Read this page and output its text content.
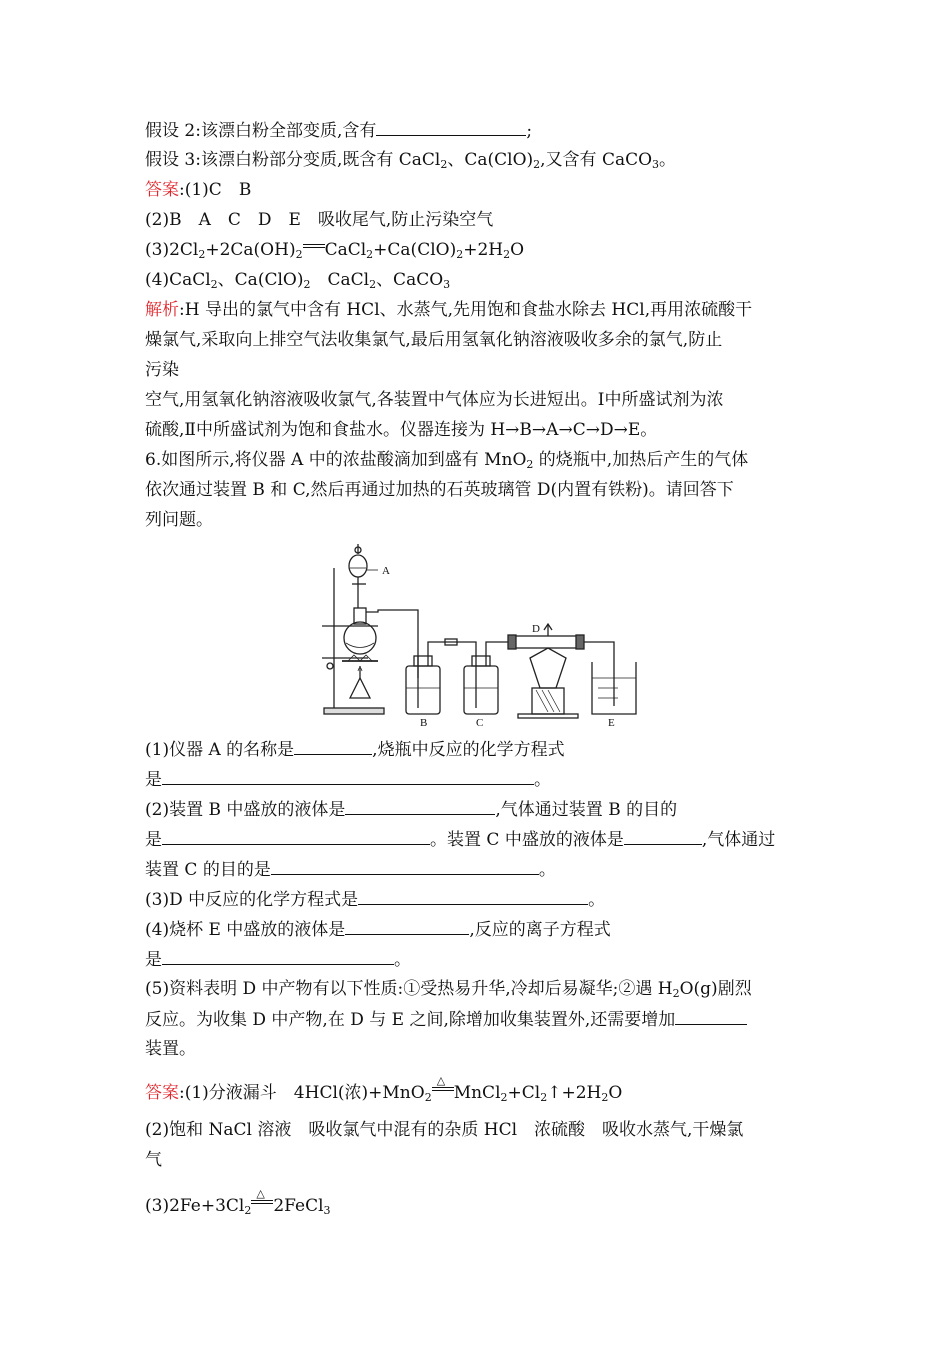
假设 2:该漂白粉全部变质,含有	;
假设 3:该漂白粉部分变质,既含有 CaCl$_2$、$Ca(ClO)_2$,又含有 CaCO$_3$。
答案:(1)C　B
(2)B　A　C　D　E　吸收尾气,防止污染空气
$(3)2Cl_2+2Ca(OH)_2$ $CaCl_2+Ca(ClO)_2+2H_2O$
(4)CaCl$_2$、$Ca(ClO)_2$　CaCl$_2$、CaCO$_3$
解析:H 导出的氯气中含有 HCl、水蒸气,先用饱和食盐水除去 HCl,再用浓硫酸干
燥氯气,采取向上排空气法收集氯气,最后用氢氧化钠溶液吸收多余的氯气,防止
污染
空气,用氢氧化钠溶液吸收氯气,各装置中气体应为长进短出。Ⅰ中所盛试剂为浓
硫酸,Ⅱ中所盛试剂为饱和食盐水。仪器连接为 H→B→A→C→D→E。
6.如图所示,将仪器 A 中的浓盐酸滴加到盛有 MnO$_2$ 的烧瓶中,加热后产生的气体
依次通过装置 B 和 C,然后再通过加热的石英玻璃管 D(内置有铁粉)。请回答下
列问题。
A
B	C
D
E
(1)仪器 A 的名称是	,烧瓶中反应的化学方程式
是	。
(2)装置 B 中盛放的液体是	,气体通过装置 B 的目的
是	。装置 C 中盛放的液体是	,气体通过
装置 C 的目的是	。
(3)D 中反应的化学方程式是	。
(4)烧杯 E 中盛放的液体是	,反应的离子方程式
是	。
(5)资料表明 D 中产物有以下性质:①受热易升华,冷却后易凝华;②遇 $H_2O(g)$剧烈
反应。为收集 D 中产物,在 D 与 E 之间,除增加收集装置外,还需要增加
装置。
答案:(1)分液漏斗　4HCl(浓)+MnO$_2$
△
$MnCl_2+Cl_2↑+2H_2O$
(2)饱和 NaCl 溶液　吸收氯气中混有的杂质 HCl　浓硫酸　吸收水蒸气,干燥氯
气
$(3)2Fe+3Cl_2$
△
2FeCl$_3$
